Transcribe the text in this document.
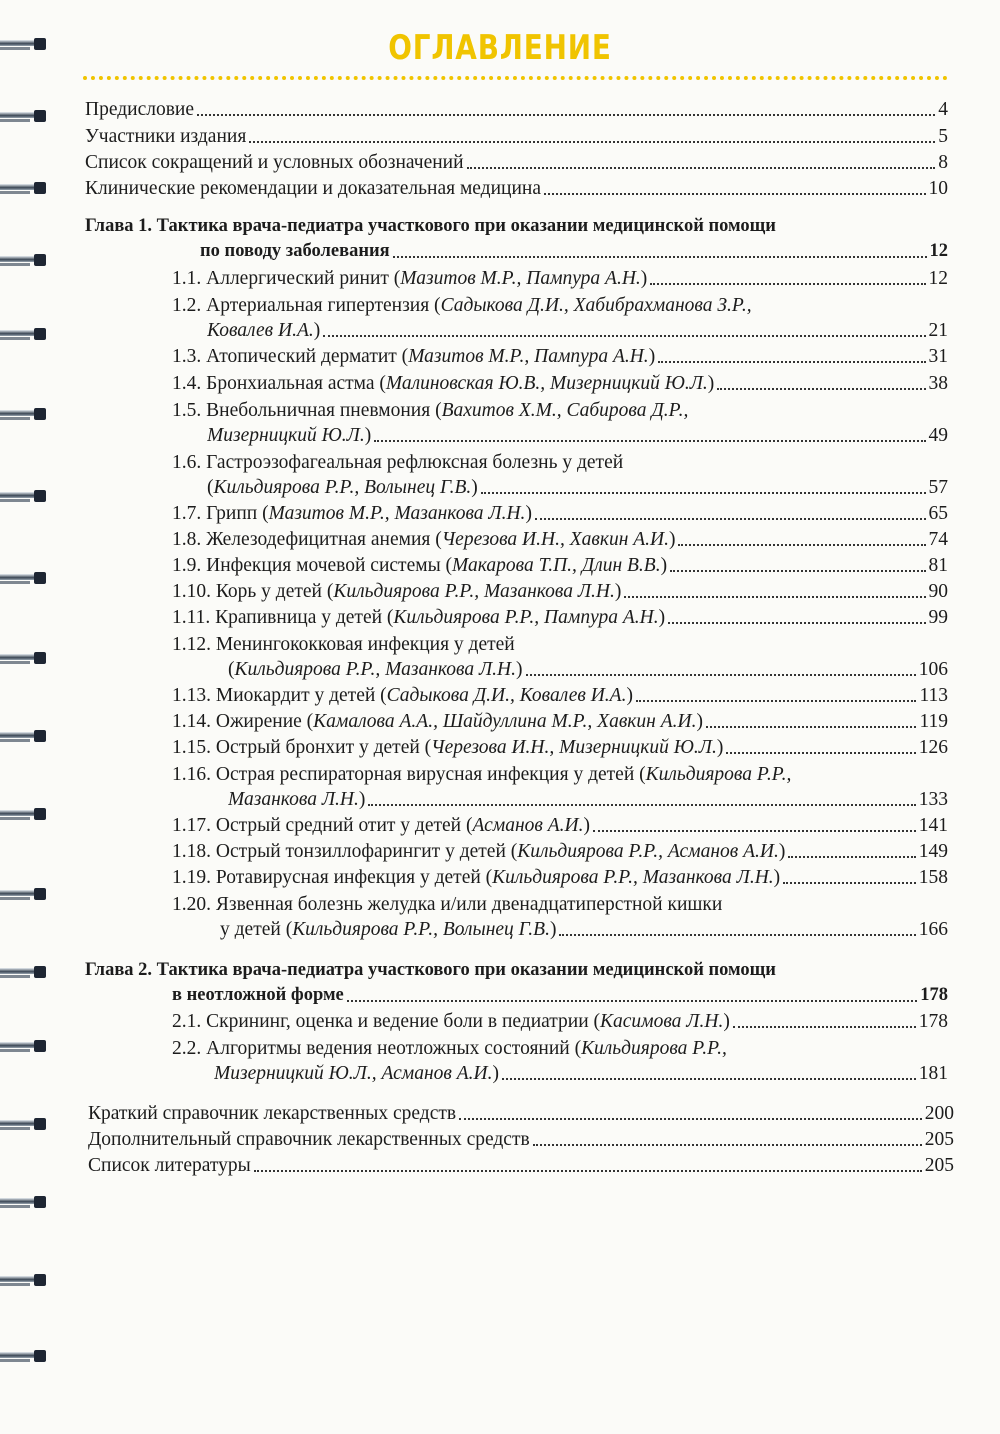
ОГЛАВЛЕНИЕ
Предисловие	4
Участники издания	5
Список сокращений и условных обозначений	8
Клинические рекомендации и доказательная медицина	10
Глава 1. Тактика врача-педиатра участкового при оказании медицинской помощи
по поводу заболевания	12
1.1. Аллергический ринит (Мазитов М.Р., Пампура А.Н.)	12
1.2. Артериальная гипертензия (Садыкова Д.И., Хабибрахманова З.Р.,
Ковалев И.А.)	21
1.3. Атопический дерматит (Мазитов М.Р., Пампура А.Н.)	31
1.4. Бронхиальная астма (Малиновская Ю.В., Мизерницкий Ю.Л.)	38
1.5. Внебольничная пневмония (Вахитов Х.М., Сабирова Д.Р.,
Мизерницкий Ю.Л.)	49
1.6. Гастроэзофагеальная рефлюксная болезнь у детей
(Кильдиярова Р.Р., Волынец Г.В.)	57
1.7. Грипп (Мазитов М.Р., Мазанкова Л.Н.)	65
1.8. Железодефицитная анемия (Черезова И.Н., Хавкин А.И.)	74
1.9. Инфекция мочевой системы (Макарова Т.П., Длин В.В.)	81
1.10. Корь у детей (Кильдиярова Р.Р., Мазанкова Л.Н.)	90
1.11. Крапивница у детей (Кильдиярова Р.Р., Пампура А.Н.)	99
1.12. Менингококковая инфекция у детей
(Кильдиярова Р.Р., Мазанкова Л.Н.)	106
1.13. Миокардит у детей (Садыкова Д.И., Ковалев И.А.)	113
1.14. Ожирение (Камалова А.А., Шайдуллина М.Р., Хавкин А.И.)	119
1.15. Острый бронхит у детей (Черезова И.Н., Мизерницкий Ю.Л.)	126
1.16. Острая респираторная вирусная инфекция у детей (Кильдиярова Р.Р.,
Мазанкова Л.Н.)	133
1.17. Острый средний отит у детей (Асманов А.И.)	141
1.18. Острый тонзиллофарингит у детей (Кильдиярова Р.Р., Асманов А.И.)	149
1.19. Ротавирусная инфекция у детей (Кильдиярова Р.Р., Мазанкова Л.Н.)	158
1.20. Язвенная болезнь желудка и/или двенадцатиперстной кишки
у детей (Кильдиярова Р.Р., Волынец Г.В.)	166
Глава 2. Тактика врача-педиатра участкового при оказании медицинской помощи
в неотложной форме	178
2.1. Скрининг, оценка и ведение боли в педиатрии (Касимова Л.Н.)	178
2.2. Алгоритмы ведения неотложных состояний (Кильдиярова Р.Р.,
Мизерницкий Ю.Л., Асманов А.И.)	181
Краткий справочник лекарственных средств	200
Дополнительный справочник лекарственных средств	205
Список литературы	205
